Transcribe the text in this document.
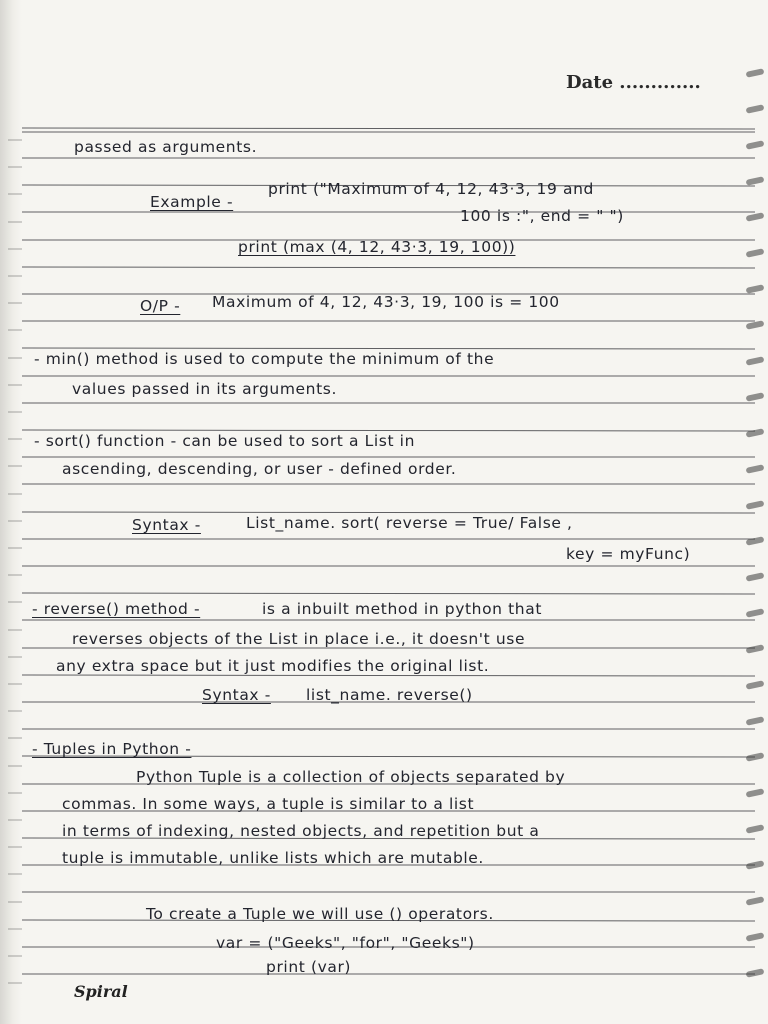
Date .............
passed as arguments.
Example -
print ("Maximum of 4, 12, 43·3, 19 and
100 is :", end = " ")
print (max (4, 12, 43·3, 19, 100))
O/P - Maximum of 4, 12, 43·3, 19, 100 is = 100
- min() method is used to compute the minimum of the
values passed in its arguments.
- sort() function - can be used to sort a List in
ascending, descending, or user - defined order.
Syntax -	List_name. sort( reverse = True/ False ,
key = myFunc)
- reverse() method -	is a inbuilt method in python that
reverses objects of the List in place i.e., it doesn't use
any extra space but it just modifies the original list.
Syntax - list_name. reverse()
- Tuples in Python -
Python Tuple is a collection of objects separated by
commas. In some ways, a tuple is similar to a list
in terms of indexing, nested objects, and repetition but a
tuple is immutable, unlike lists which are mutable.
To create a Tuple we will use () operators.
var = ("Geeks", "for", "Geeks")
print (var)
Spiral
